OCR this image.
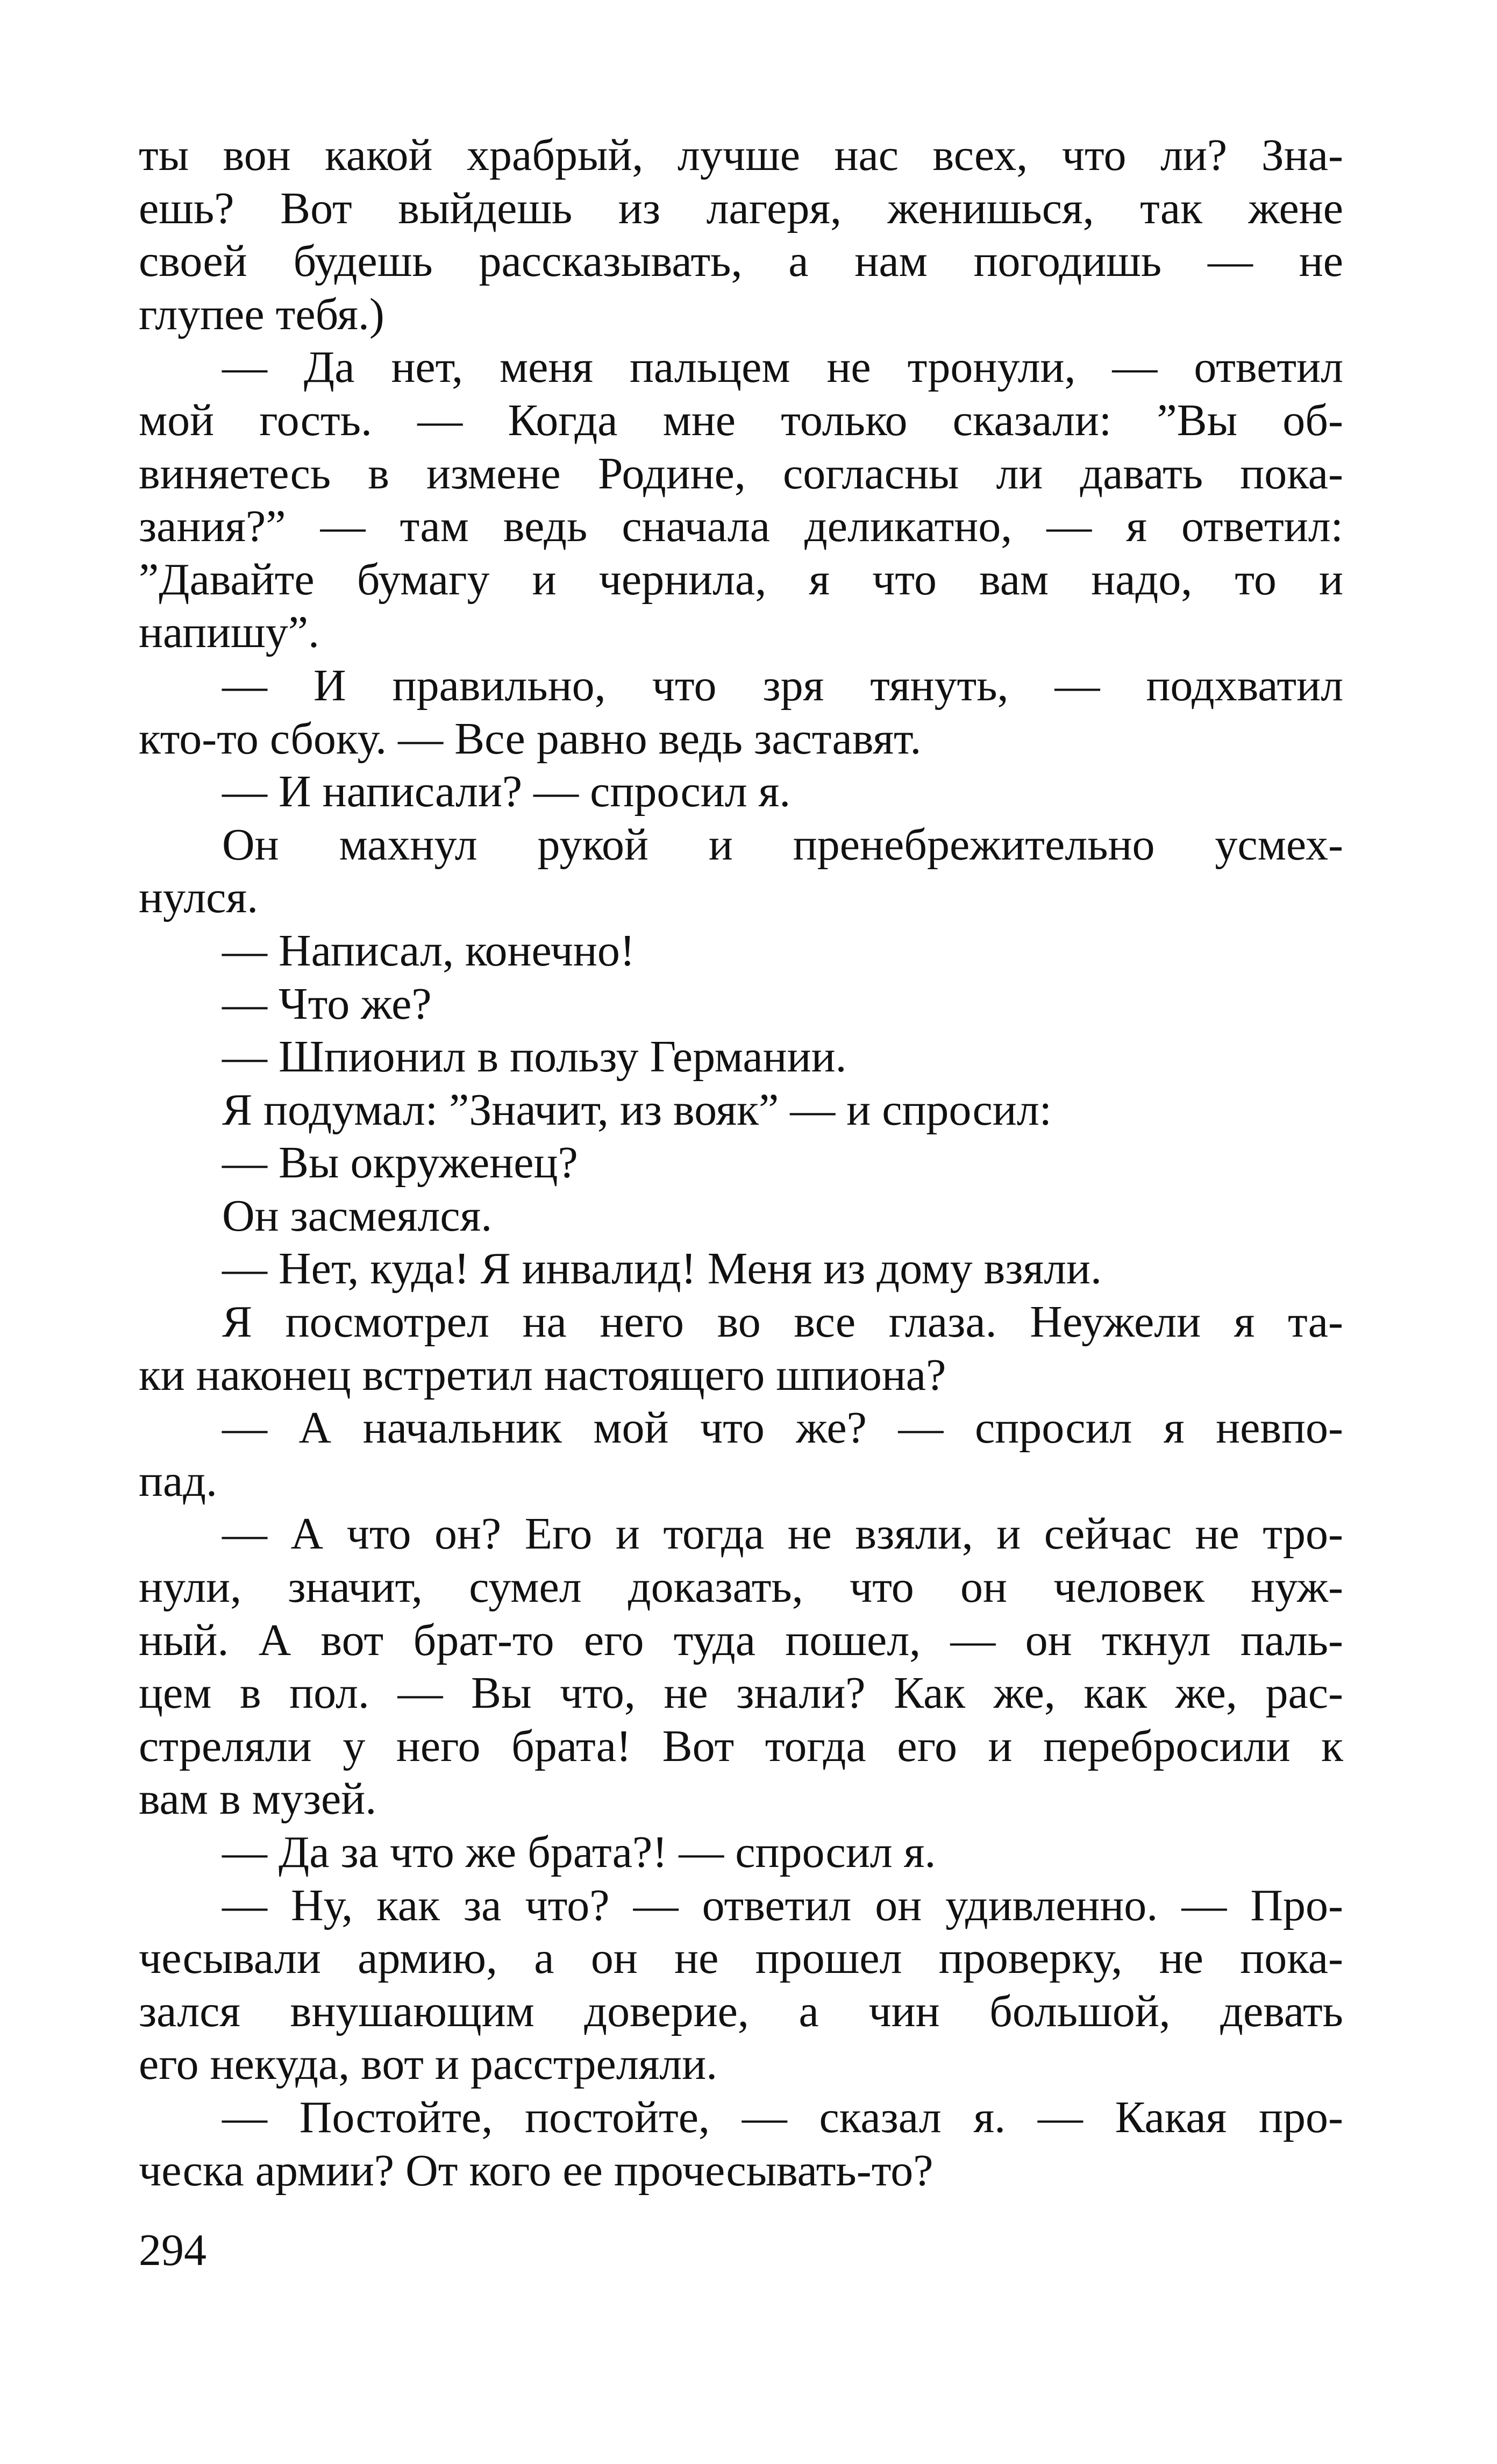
ты вон какой храбрый, лучше нас всех, что ли? Зна-
ешь? Вот выйдешь из лагеря, женишься, так жене
своей будешь рассказывать, а нам погодишь — не
глупее тебя.)
— Да нет, меня пальцем не тронули, — ответил
мой гость. — Когда мне только сказали: ”Вы об-
виняетесь в измене Родине, согласны ли давать пока-
зания?” — там ведь сначала деликатно, — я ответил:
”Давайте бумагу и чернила, я что вам надо, то и
напишу”.
— И правильно, что зря тянуть, — подхватил
кто-то сбоку. — Все равно ведь заставят.
— И написали? — спросил я.
Он махнул рукой и пренебрежительно усмех-
нулся.
— Написал, конечно!
— Что же?
— Шпионил в пользу Германии.
Я подумал: ”Значит, из вояк” — и спросил:
— Вы окруженец?
Он засмеялся.
— Нет, куда! Я инвалид! Меня из дому взяли.
Я посмотрел на него во все глаза. Неужели я та-
ки наконец встретил настоящего шпиона?
— А начальник мой что же? — спросил я невпо-
пад.
— А что он? Его и тогда не взяли, и сейчас не тро-
нули, значит, сумел доказать, что он человек нуж-
ный. А вот брат-то его туда пошел, — он ткнул паль-
цем в пол. — Вы что, не знали? Как же, как же, рас-
стреляли у него брата! Вот тогда его и перебросили к
вам в музей.
— Да за что же брата?! — спросил я.
— Ну, как за что? — ответил он удивленно. — Про-
чесывали армию, а он не прошел проверку, не пока-
зался внушающим доверие, а чин большой, девать
его некуда, вот и расстреляли.
— Постойте, постойте, — сказал я. — Какая про-
ческа армии? От кого ее прочесывать-то?
294
